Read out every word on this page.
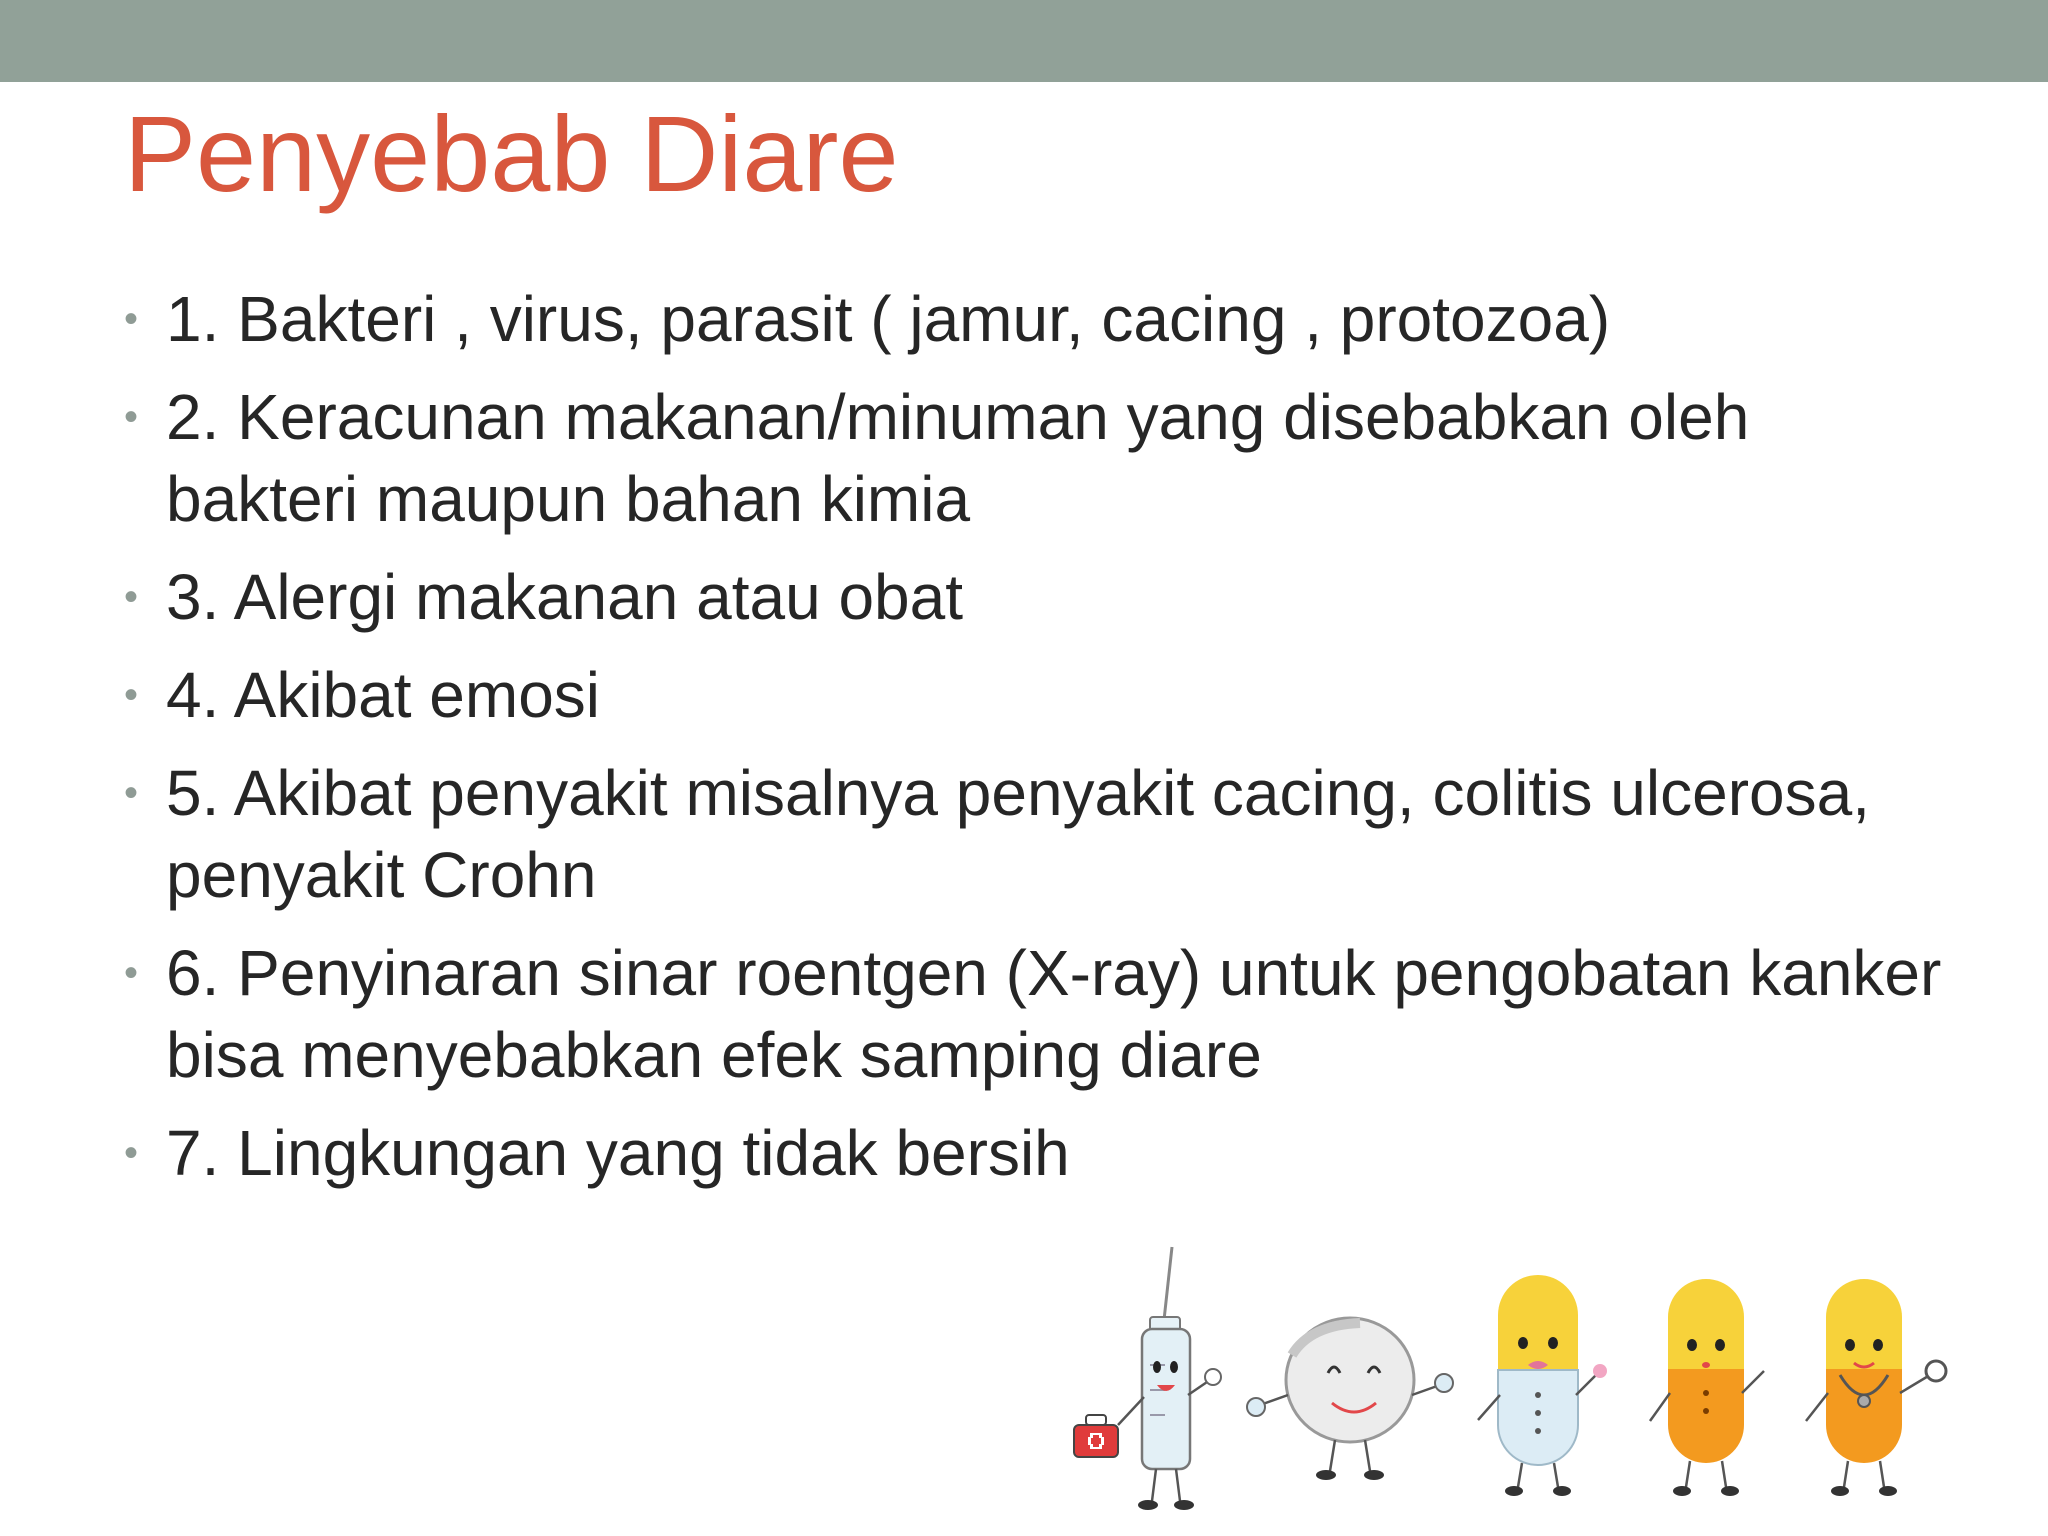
Penyebab Diare
• 1. Bakteri , virus, parasit ( jamur, cacing , protozoa)
• 2. Keracunan makanan/minuman yang disebabkan oleh bakteri maupun bahan kimia
• 3. Alergi makanan atau obat
• 4. Akibat emosi
• 5. Akibat penyakit misalnya penyakit cacing, colitis ulcerosa, penyakit Crohn
• 6. Penyinaran sinar roentgen (X-ray) untuk pengobatan kanker bisa menyebabkan efek samping diare
• 7. Lingkungan yang tidak bersih
